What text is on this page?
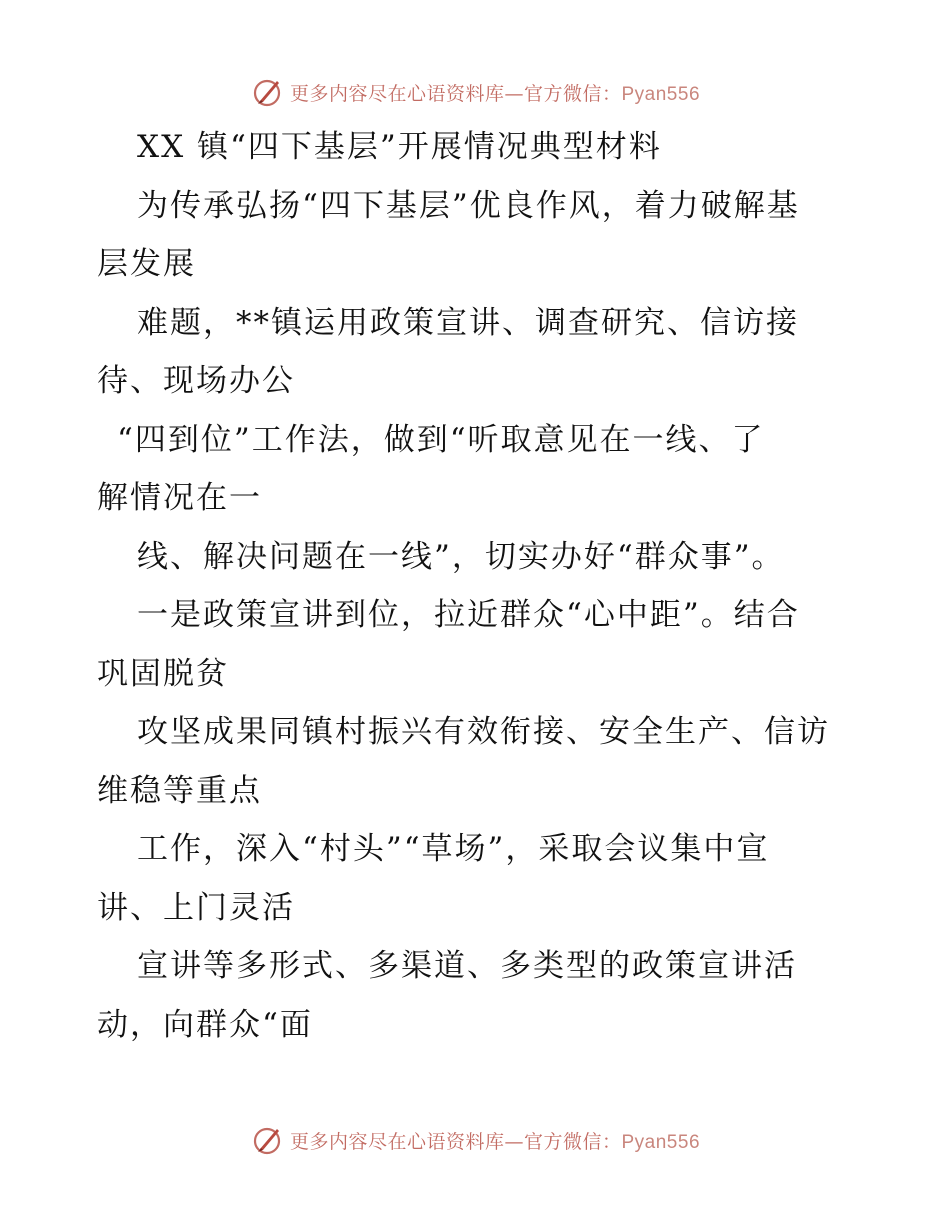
更多内容尽在心语资料库—官方微信：Pyan556
XX 镇“四下基层”开展情况典型材料
为传承弘扬“四下基层”优良作风，着力破解基
层发展
难题，**镇运用政策宣讲、调查研究、信访接
待、现场办公
“四到位”工作法，做到“听取意见在一线、了
解情况在一
线、解决问题在一线”，切实办好“群众事”。
一是政策宣讲到位，拉近群众“心中距”。结合
巩固脱贫
攻坚成果同镇村振兴有效衔接、安全生产、信访
维稳等重点
工作，深入“村头”“草场”，采取会议集中宣
讲、上门灵活
宣讲等多形式、多渠道、多类型的政策宣讲活
动，向群众“面
更多内容尽在心语资料库—官方微信：Pyan556
